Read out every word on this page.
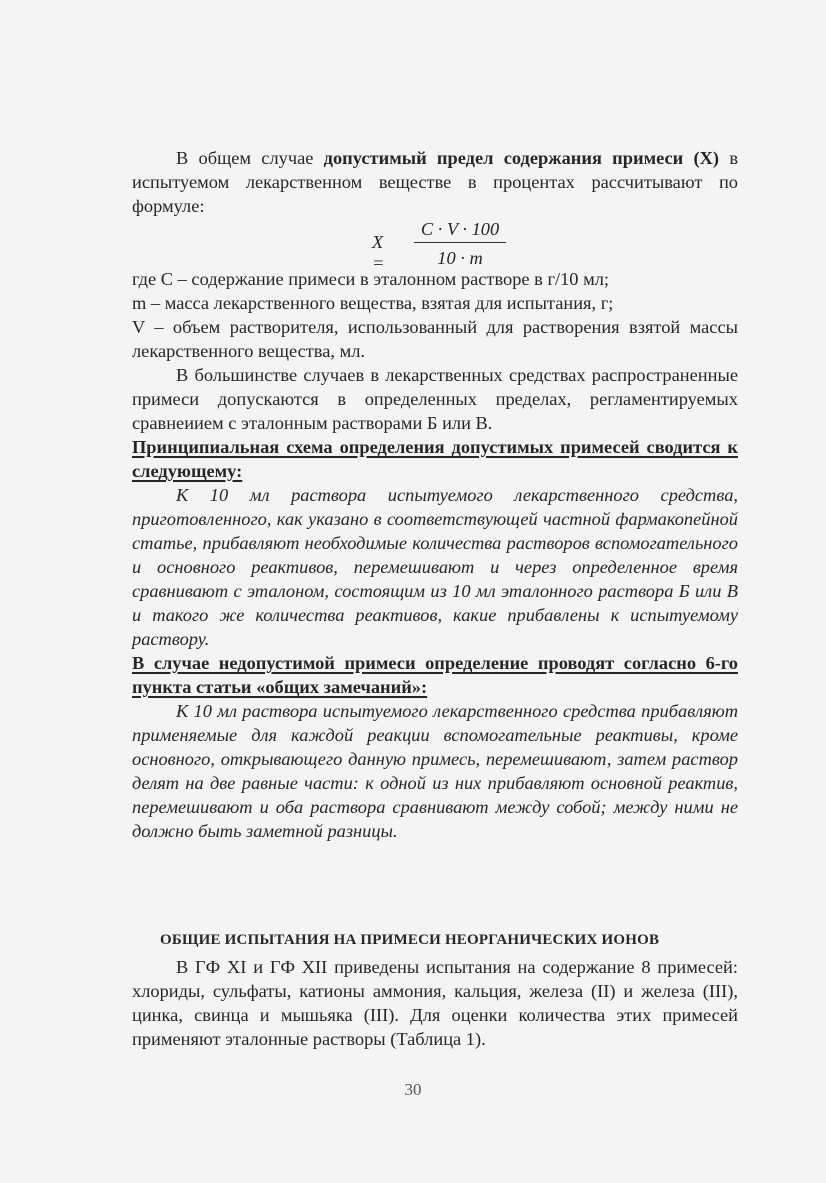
В общем случае допустимый предел содержания примеси (X) в испытуемом лекарственном веществе в процентах рассчитывают по формуле:

X =
C · V · 100
10 · m

где С – содержание примеси в эталонном растворе в г/10 мл;

m – масса лекарственного вещества, взятая для испытания, г;

V – объем растворителя, использованный для растворения взятой массы лекарственного вещества, мл.

В большинстве случаев в лекарственных средствах распространенные примеси допускаются в определенных пределах, регламентируемых сравнеиием с эталонным растворами Б или В.

Принципиальная схема определения допустимых примесей сводится к следующему:

К 10 мл раствора испытуемого лекарственного средства, приготовленного, как указано в соответствующей частной фармакопейной статье, прибавляют необходимые количества растворов вспомогательного и основного реактивов, перемешивают и через определенное время сравнивают с эталоном, состоящим из 10 мл эталонного раствора Б или В и такого же количества реактивов, какие прибавлены к испытуемому раствору.

В случае недопустимой примеси определение проводят согласно 6-го пункта статьи «общих замечаний»:

К 10 мл раствора испытуемого лекарственного средства прибавляют применяемые для каждой реакции вспомогательные реактивы, кроме основного, открывающего данную примесь, перемешивают, затем раствор делят на две равные части: к одной из них прибавляют основной реактив, перемешивают и оба раствора сравнивают между собой; между ними не должно быть заметной разницы.

ОБЩИЕ ИСПЫТАНИЯ НА ПРИМЕСИ НЕОРГАНИЧЕСКИХ ИОНОВ

В ГФ XI и ГФ XII приведены испытания на содержание 8 примесей: хлориды, сульфаты, катионы аммония, кальция, железа (II) и железа (III), цинка, свинца и мышьяка (III). Для оценки количества этих примесей применяют эталонные растворы (Таблица 1).

30
